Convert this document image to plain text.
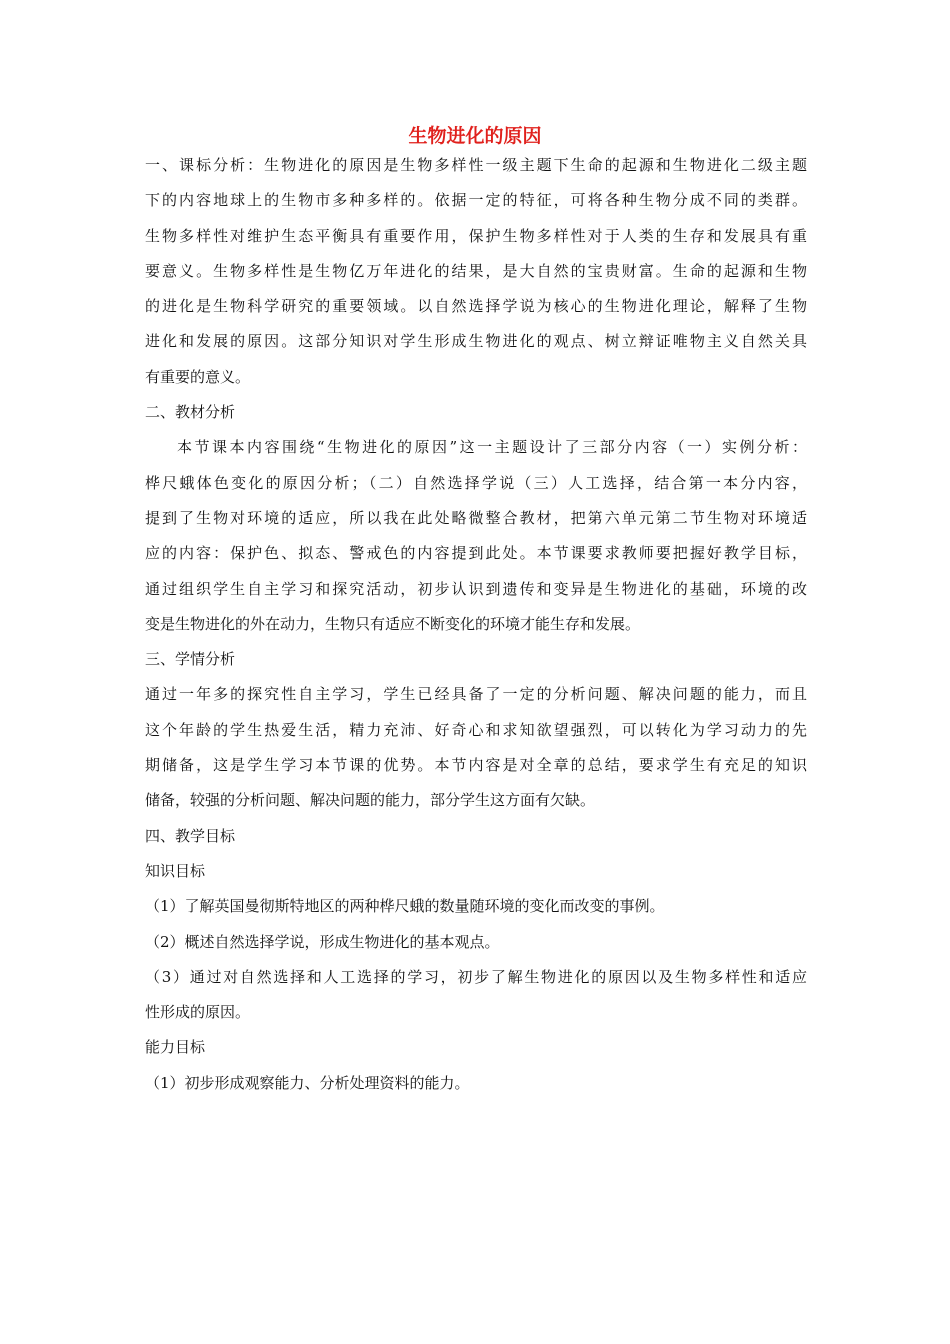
生物进化的原因
一、课标分析：生物进化的原因是生物多样性一级主题下生命的起源和生物进化二级主题
下的内容地球上的生物市多种多样的。依据一定的特征，可将各种生物分成不同的类群。
生物多样性对维护生态平衡具有重要作用，保护生物多样性对于人类的生存和发展具有重
要意义。生物多样性是生物亿万年进化的结果，是大自然的宝贵财富。生命的起源和生物
的进化是生物科学研究的重要领域。以自然选择学说为核心的生物进化理论，解释了生物
进化和发展的原因。这部分知识对学生形成生物进化的观点、树立辩证唯物主义自然关具
有重要的意义。
二、教材分析
本节课本内容围绕“生物进化的原因”这一主题设计了三部分内容（一）实例分析：
桦尺蛾体色变化的原因分析；（二）自然选择学说（三）人工选择，结合第一本分内容，
提到了生物对环境的适应，所以我在此处略微整合教材，把第六单元第二节生物对环境适
应的内容：保护色、拟态、警戒色的内容提到此处。本节课要求教师要把握好教学目标，
通过组织学生自主学习和探究活动，初步认识到遗传和变异是生物进化的基础，环境的改
变是生物进化的外在动力，生物只有适应不断变化的环境才能生存和发展。
三、学情分析
通过一年多的探究性自主学习，学生已经具备了一定的分析问题、解决问题的能力，而且
这个年龄的学生热爱生活，精力充沛、好奇心和求知欲望强烈，可以转化为学习动力的先
期储备，这是学生学习本节课的优势。本节内容是对全章的总结，要求学生有充足的知识
储备，较强的分析问题、解决问题的能力，部分学生这方面有欠缺。
四、教学目标
知识目标
（1）了解英国曼彻斯特地区的两种桦尺蛾的数量随环境的变化而改变的事例。
（2）概述自然选择学说，形成生物进化的基本观点。
（3）通过对自然选择和人工选择的学习，初步了解生物进化的原因以及生物多样性和适应
性形成的原因。
能力目标
（1）初步形成观察能力、分析处理资料的能力。
